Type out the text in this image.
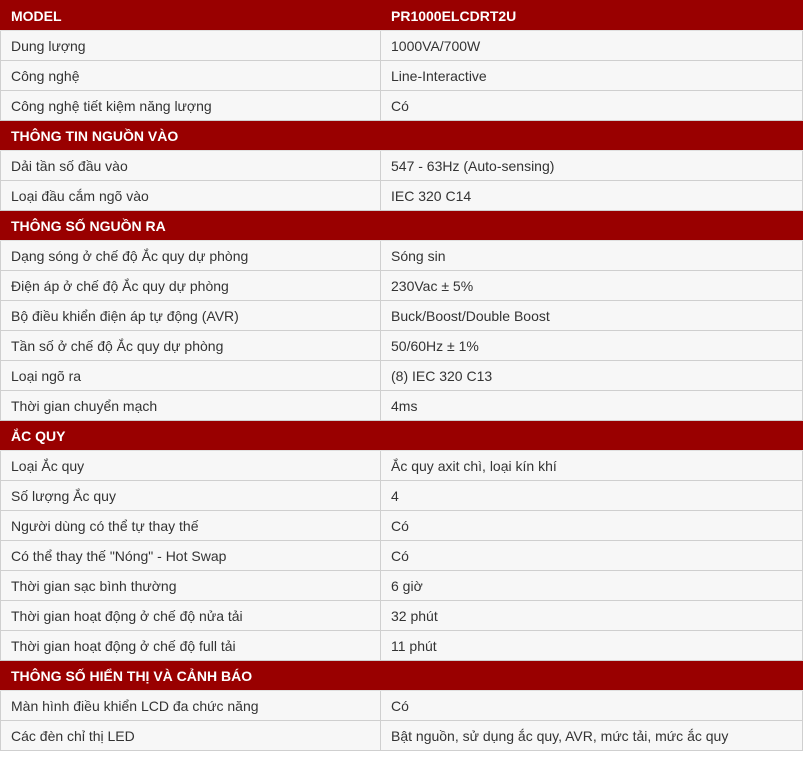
MODEL	PR1000ELCDRT2U
Dung lượng	1000VA/700W
Công nghệ	Line-Interactive
Công nghệ tiết kiệm năng lượng	Có
THÔNG TIN NGUỒN VÀO	
Dải tần số đầu vào	547 - 63Hz (Auto-sensing)
Loại đầu cắm ngõ vào	IEC 320 C14
THÔNG SỐ NGUỒN RA	
Dạng sóng ở chế độ Ắc quy dự phòng	Sóng sin
Điện áp ở chế độ Ắc quy dự phòng	230Vac ± 5%
Bộ điều khiển điện áp tự động (AVR)	Buck/Boost/Double Boost
Tần số ở chế độ Ắc quy dự phòng	50/60Hz ± 1%
Loại ngõ ra	(8) IEC 320 C13
Thời gian chuyển mạch	4ms
ẮC QUY	
Loại Ắc quy	Ắc quy axit chì, loại kín khí
Số lượng Ắc quy	4
Người dùng có thể tự thay thế	Có
Có thể thay thế "Nóng" - Hot Swap	Có
Thời gian sạc bình thường	6 giờ
Thời gian hoạt động ở chế độ nửa tải	32 phút
Thời gian hoạt động ở chế độ full tải	11 phút
THÔNG SỐ HIỂN THỊ VÀ CẢNH BÁO	
Màn hình điều khiển LCD đa chức năng	Có
Các đèn chỉ thị LED	Bật nguồn, sử dụng ắc quy, AVR, mức tải, mức ắc quy
